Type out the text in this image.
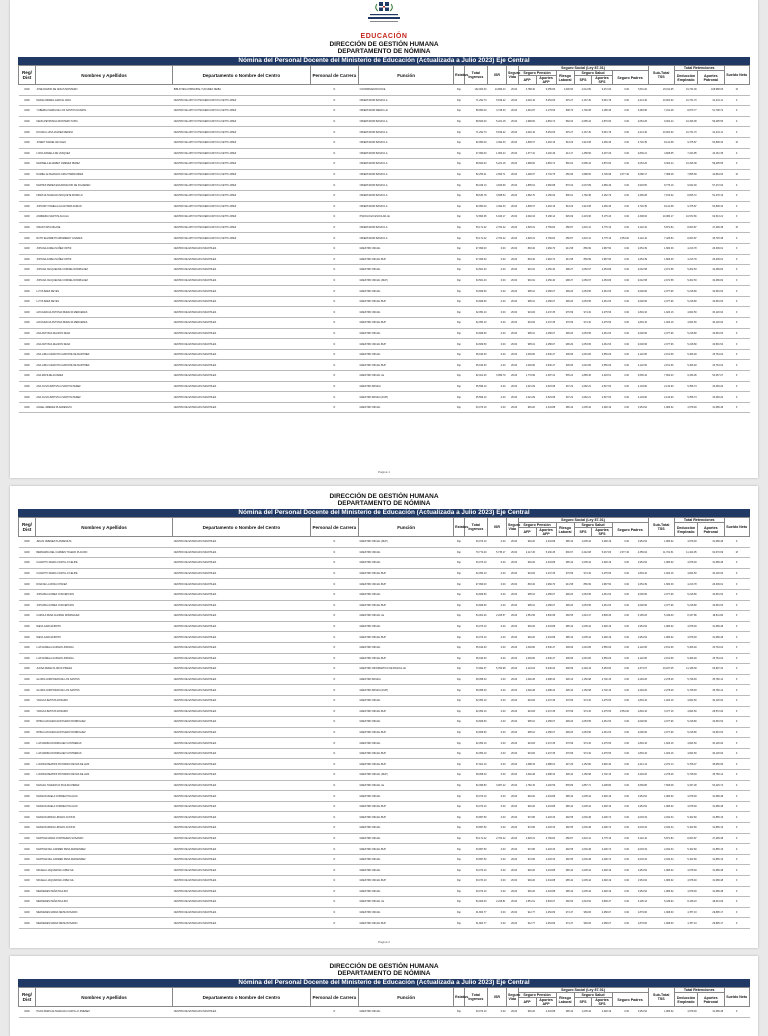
EDUCACIÓN
DIRECCIÓN DE GESTIÓN HUMANA
DEPARTAMENTO DE NÓMINA
Nómina del Personal Docente del Ministerio de Educación (Actualizada a Julio 2023) Eje Central
Reg/ Dist	Nombres y Apellidos	Departamento o Nombre del Centro	Personal de Carrera	Función	Estatus	Total Ingresos	ISR	Seguro Vida	Seguro Social (Ley 87-01)							Sub-Total TSS	Total Retenciones		Sueldo Neto
									Seguro Pensión		Riesgo Laboral	Seguro Salud		Seguro Padres			Deducción Empleado	Aportes Patronal	
									AFP	Aportes AFP		SFS	Aportes SFS						
0200	JOSE RAMON DE JESUS MONTERO	BIBLIOTECA PRINCIPAL TUCUMEX NEIBA	N	COORDINADOR DOCE	Fijo	132,000.00	14,896.23	29.00	3,788.40	9,355.89	1,006.50	4,012.80	9,372.00	0.00	7,801.20	23,011.95	19,734.39	108,988.05	M
0200	MARIA ANDREA GARCIA JANO	CENTRO DE APOYO PSICOEDUCATIVO LIVETH LOPEZ	N	ORIENTADOR BASICO-A	Fijo	71,292.73	5,819.22	29.00	2,046.10	5,054.65	615.27	2,167.30	5,061.78	0.00	4,213.40	10,061.62	10,731.70	61,231.11	F
0200	YUBERKA MARIA DE LOS SANTOS DUARTE	CENTRO DE APOYO PSICOEDUCATIVO LIVETH LOPEZ	N	ORIENTADOR MEDIO-I-E	Fijo	58,950.00	3,728.33	29.00	1,691.87	4,179.56	508.76	1,792.08	4,185.45	0.00	3,483.95	7,241.28	8,873.77	51,708.72	F
0200	KENIA PETRONILA MONTERO TAPIA	CENTRO DE APOYO PSICOEDUCATIVO LIVETH LOPEZ	N	ORIENTADOR BASICO-A	Fijo	68,600.00	5,221.18	29.00	1,968.82	4,863.74	592.04	2,085.44	4,870.60	0.00	4,054.26	9,304.44	10,326.38	59,295.56	F
0200	DAYANA LUISA VALDEZ MEDINA	CENTRO DE APOYO PSICOEDUCATIVO LIVETH LOPEZ	N	ORIENTADOR BASICO-A	Fijo	71,292.73	5,819.22	29.00	2,046.10	5,054.65	615.27	2,167.30	5,061.78	0.00	4,213.40	10,061.62	10,731.70	61,231.11	F
0200	JOSEFT DANIEL DE OLEO	CENTRO DE APOYO PSICOEDUCATIVO LIVETH LOPEZ	N	ORIENTADOR BASICO-A	Fijo	62,950.00	4,392.33	29.00	1,806.67	4,463.16	543.26	1,913.68	4,469.45	0.00	3,720.35	8,141.68	9,475.87	54,808.32	M
0200	LOISA DANIELA DE VASQUEZ	CENTRO DE APOYO PSICOEDUCATIVO LIVETH LOPEZ	N	ORIENTADOR BASICO-A	Fijo	47,990.00	1,963.44	29.00	1,377.31	3,402.49	414.17	1,458.90	3,407.29	0.00	2,836.21	4,828.65	7,223.95	43,161.35	F
0200	MARISELA ELIZABET JIMENEZ PEREZ	CENTRO DE APOYO PSICOEDUCATIVO LIVETH LOPEZ	N	ORIENTADOR BASICO-A	Fijo	68,600.00	5,221.18	29.00	1,968.82	4,863.74	592.04	2,085.44	4,870.60	0.00	4,054.26	9,304.44	10,326.38	59,295.56	F
0200	DAMIEL ALTAGRACIA CRUZ HERNANDEZ	CENTRO DE APOYO PSICOEDUCATIVO LIVETH LOPEZ	N	ORIENTADOR BASICO-A	Fijo	52,253.21	2,693.71	29.00	1,499.67	3,704.75	450.96	1,588.50	3,709.98	1,577.40	3,088.17	7,388.28	7,865.69	44,864.93	M
0200	MARTES PEREZ ENCARNACION DE FIGUEREO	CENTRO DE APOYO PSICOEDUCATIVO LIVETH LOPEZ	N	ORIENTADOR BASICO-A	Fijo	66,049.13	4,843.69	29.00	1,895.61	4,682.88	570.02	2,007.89	4,689.49	0.00	3,903.50	8,776.19	9,942.39	57,272.94	F
0200	FIDES ALTAGRACIA MOQUETE MORILLO	CENTRO DE APOYO PSICOEDUCATIVO LIVETH LOPEZ	N	ORIENTADOR BASICO-A	Fijo	58,630.78	3,658.54	29.00	1,682.70	4,156.92	506.01	1,782.38	4,162.79	0.00	3,465.08	7,152.62	8,825.72	51,478.16	F
0200	JOHANNY PAMELA ALCANTARA DURAN	CENTRO DE APOYO PSICOEDUCATIVO LIVETH LOPEZ	N	ORIENTADOR BASICO-A	Fijo	62,950.00	4,392.33	29.00	1,806.67	4,463.16	543.26	1,913.68	4,469.45	0.00	3,720.35	8,141.68	9,475.87	54,808.32	F
0200	ANDREINA SANTOS ALCALA	CENTRO DE APOYO PSICOEDUCATIVO LIVETH LOPEZ	N	PSICOLOGO ESCOLAR-I-E	Fijo	72,893.38	6,043.17	29.00	2,092.04	5,168.14	629.09	2,215.96	5,175.43	0.00	4,308.00	10,380.17	10,972.66	62,513.21	F
0200	OMAR TAPIA MILANE	CENTRO DE APOYO PSICOEDUCATIVO LIVETH LOPEZ	N	ORIENTADOR BASICO-A	Fijo	53,171.22	2,700.42	29.00	1,526.01	3,769.84	458.87	1,616.41	3,775.16	0.00	3,142.42	5,871.84	8,003.87	47,299.38	M
0200	RUTH ELIZABETH ARISMENDY LINARES	CENTRO DE APOYO PSICOEDUCATIVO LIVETH LOPEZ	N	ORIENTADOR BASICO-A	Fijo	53,171.22	2,700.42	29.00	1,526.01	3,769.84	458.87	1,616.41	3,775.16	1,554.00	3,142.42	7,425.84	8,003.87	45,745.38	F
0200	JOHANA AUREA NUÑEZ ORTIZ	CENTRO DE ESTANCIAS INFANTILES	N	MAESTRO INICIAL	Fijo	27,993.00	0.00	29.00	803.40	1,984.70	241.58	850.99	1,987.50	0.00	1,654.39	1,683.39	4,213.78	26,309.61	F
0200	JOHANA AUREA NUÑEZ ORTIZ	CENTRO DE ESTANCIAS INFANTILES	N	MAESTRO INICIAL BUP	Fijo	27,993.00	0.00	29.00	803.40	1,984.70	241.58	850.99	1,987.50	0.00	1,654.39	1,683.39	4,213.78	26,309.61	F
0200	JOHANA JACQUELINE CORNIEL RODRIGUEZ	CENTRO DE ESTANCIAS INFANTILES	N	MAESTRO INICIAL	Fijo	34,561.40	0.00	29.00	991.91	2,450.40	298.27	1,050.67	2,453.86	0.00	2,042.58	2,071.58	5,202.53	32,489.82	F
0200	JOHANA JACQUELINE CORNIEL RODRIGUEZ	CENTRO DE ESTANCIAS INFANTILES	N	MAESTRO INICIAL (DUP)	Fijo	34,561.40	0.00	29.00	991.91	2,450.40	298.27	1,050.67	2,453.86	0.00	2,042.58	2,071.58	5,202.53	32,489.82	F
0200	LUYIS BAEZ REYES	CENTRO DE ESTANCIAS INFANTILES	N	MAESTRO INICIAL	Fijo	34,669.50	0.00	29.00	995.01	2,458.07	299.20	1,053.95	2,461.53	0.00	2,048.96	2,077.96	5,218.80	32,591.54	F
0200	LUYIS BAEZ REYES	CENTRO DE ESTANCIAS INFANTILES	N	MAESTRO INICIAL BUP	Fijo	34,669.50	0.00	29.00	995.01	2,458.07	299.20	1,053.95	2,461.53	0.00	2,048.96	2,077.96	5,218.80	32,591.54	F
0200	ALTAGRACIA ANTONIA PERALTA MERCEDES	CENTRO DE ESTANCIAS INFANTILES	N	MAESTRO INICIAL	Fijo	32,050.10	0.00	29.00	919.84	2,272.35	276.59	974.32	2,275.56	0.00	1,894.16	1,923.16	4,824.50	30,126.94	F
0200	ALTAGRACIA ANTONIA PERALTA MERCEDES	CENTRO DE ESTANCIAS INFANTILES	N	MAESTRO INICIAL BUP	Fijo	32,050.10	0.00	29.00	919.84	2,272.35	276.59	974.32	2,275.56	0.00	1,894.16	1,923.16	4,824.50	30,126.94	F
0200	ANA ANTONIA FELIZON SENA	CENTRO DE ESTANCIAS INFANTILES	N	MAESTRO INICIAL	Fijo	34,669.50	0.00	29.00	995.01	2,458.07	299.20	1,053.95	2,461.53	0.00	2,048.96	2,077.96	5,218.80	32,591.54	F
0200	ANA ANTONIA FELIZON SENA	CENTRO DE ESTANCIAS INFANTILES	N	MAESTRO INICIAL BUP	Fijo	34,669.50	0.00	29.00	995.01	2,458.07	299.20	1,053.95	2,461.53	0.00	2,048.96	2,077.96	5,218.80	32,591.54	F
0200	ANA LIDIA CAMACHO ALMONTE DE MARTINEZ	CENTRO DE ESTANCIAS INFANTILES	N	MAESTRO INICIAL	Fijo	35,916.30	0.00	29.00	1,030.80	2,546.47	309.96	1,091.86	2,550.06	0.00	2,122.66	2,151.66	5,406.49	33,764.64	F
0200	ANA LIDIA CAMACHO ALMONTE DE MARTINEZ	CENTRO DE ESTANCIAS INFANTILES	N	MAESTRO INICIAL BUP	Fijo	35,916.30	0.00	29.00	1,030.80	2,546.47	309.96	1,091.86	2,550.06	0.00	2,122.66	2,151.66	5,406.49	33,764.64	F
0200	ANA MATILDE ALVAREZ	CENTRO DE ESTANCIAS INFANTILES	N	MAESTRO INICIAL I-E	Fijo	62,021.30	3,959.79	29.00	1,779.99	4,397.31	535.24	1,885.45	4,403.51	0.00	3,665.44	7,654.23	9,336.06	54,367.07	F
0200	ANA OLIVIA BATISTA A SANTOS PEREZ	CENTRO DE ESTANCIAS INFANTILES	N	MAESTRO BASICA	Fijo	35,599.10	0.00	29.00	1,021.69	2,523.98	307.22	1,082.21	2,527.54	0.00	2,103.90	2,132.90	5,358.74	33,466.20	F
0200	ANA OLIVIA BATISTA A SANTOS PEREZ	CENTRO DE ESTANCIAS INFANTILES	N	MAESTRO BASICA (DUP)	Fijo	35,599.10	0.00	29.00	1,021.69	2,523.98	307.22	1,082.21	2,527.54	0.00	2,103.90	2,132.90	5,358.74	33,466.20	F
0200	ANGEL JIMENEZ PLANDESILTA	CENTRO DE ESTANCIAS INFANTILES	N	MAESTRO INICIAL	Fijo	33,073.10	0.00	29.00	949.20	2,344.88	285.42	1,005.42	2,348.19	0.00	1,954.62	1,983.62	4,978.49	31,089.48	F
Página 1
DIRECCIÓN DE GESTIÓN HUMANA
DEPARTAMENTO DE NÓMINA
Nómina del Personal Docente del Ministerio de Educación (Actualizada a Julio 2023) Eje Central
Reg/ Dist	Nombres y Apellidos	Departamento o Nombre del Centro	Personal de Carrera	Función	Estatus	Total Ingresos	ISR	Seguro Vida	Seguro Social (Ley 87-01)							Sub-Total TSS	Total Retenciones		Sueldo Neto
									Seguro Pensión		Riesgo Laboral	Seguro Salud		Seguro Padres			Deducción Empleado	Aportes Patronal	
									AFP	Aportes AFP		SFS	Aportes SFS						
0200	JESUS JIMENEZ PLANDESILTA	CENTRO DE ESTANCIAS INFANTILES	N	MAESTRO INICIAL (DUP)	Fijo	33,073.10	0.00	29.00	949.20	2,344.88	285.42	1,005.42	2,348.19	0.00	1,954.62	1,983.62	4,978.49	31,089.48	F
0200	BERNARDA DEL CARMEN TOLEDO PLACIDO	CENTRO DE ESTANCIAS INFANTILES	N	MAESTRO INICIAL	Fijo	73,772.20	5,735.17	29.00	2,117.26	5,230.45	636.67	2,242.68	5,237.83	1,577.40	4,359.94	11,701.51	11,104.95	62,070.69	M
0200	CANAYITO MARIA CASTILLO FELIPE	CENTRO DE ESTANCIAS INFANTILES	N	MAESTRO INICIAL	Fijo	33,073.10	0.00	29.00	949.20	2,344.88	285.42	1,005.42	2,348.19	0.00	1,954.62	1,983.62	4,978.49	31,089.48	F
0200	CANAYITO MARIA CASTILLO FELIPE	CENTRO DE ESTANCIAS INFANTILES	N	MAESTRO INICIAL BUP	Fijo	32,050.10	0.00	29.00	919.84	2,272.35	276.59	974.32	2,275.56	0.00	1,894.16	1,923.16	4,824.50	30,126.94	F
0200	DINA DE LA ROSA CHAVEZ	CENTRO DE ESTANCIAS INFANTILES	N	MAESTRO INICIAL BUP	Fijo	27,993.00	0.00	29.00	803.40	1,984.70	241.58	850.99	1,987.50	0.00	1,654.39	1,683.39	4,213.78	26,309.61	F
0200	JOHANNA GOMEZ CONCEPCION	CENTRO DE ESTANCIAS INFANTILES	N	MAESTRO INICIAL	Fijo	34,669.50	0.00	29.00	995.01	2,458.07	299.20	1,053.95	2,461.53	0.00	2,048.96	2,077.96	5,218.80	32,591.54	F
0200	JOHANNA GOMEZ CONCEPCION	CENTRO DE ESTANCIAS INFANTILES	N	MAESTRO INICIAL BUP	Fijo	34,669.50	0.00	29.00	995.01	2,458.07	299.20	1,053.95	2,461.53	0.00	2,048.96	2,077.96	5,218.80	32,591.54	F
0200	CAROLA PENA GUZMAN DOMINGUEZ	CENTRO DE ESTANCIAS INFANTILES	N	MAESTRO INICIAL I-E	Fijo	54,061.40	2,225.57	29.00	1,551.56	3,832.95	466.55	1,643.47	3,838.36	0.00	3,195.03	5,449.60	8,137.86	48,611.80	F
0200	NIEVA GARCIA BRITO	CENTRO DE ESTANCIAS INFANTILES	N	MAESTRO INICIAL	Fijo	33,073.10	0.00	29.00	949.20	2,344.88	285.42	1,005.42	2,348.19	0.00	1,954.62	1,983.62	4,978.49	31,089.48	F
0200	NIEVA GARCIA BRITO	CENTRO DE ESTANCIAS INFANTILES	N	MAESTRO INICIAL BUP	Fijo	33,073.10	0.00	29.00	949.20	2,344.88	285.42	1,005.42	2,348.19	0.00	1,954.62	1,983.62	4,978.49	31,089.48	F
0200	LUZ DANIELA GUZMAN JORIANA	CENTRO DE ESTANCIAS INFANTILES	N	MAESTRO INICIAL	Fijo	35,916.30	0.00	29.00	1,030.80	2,546.47	309.96	1,091.86	2,550.06	0.00	2,122.66	2,151.66	5,406.49	33,764.64	F
0200	LUZ DANIELA GUZMAN JORIANA	CENTRO DE ESTANCIAS INFANTILES	N	MAESTRO INICIAL BUP	Fijo	35,916.30	0.00	29.00	1,030.80	2,546.47	309.96	1,091.86	2,550.06	0.00	2,122.66	2,151.66	5,406.49	33,764.64	F
0200	JUANA PERALTA CRUZ PINEDA	CENTRO DE ESTANCIAS INFANTILES	N	MAESTRO INFORMATICO DE BASICA-I-E	Fijo	73,994.37	5,784.98	29.00	2,123.64	5,246.20	638.59	2,249.43	5,253.60	0.00	4,373.07	10,187.05	11,138.39	63,807.32	F
0200	GLORIA CORPORAN DE LOS SANTOS	CENTRO DE ESTANCIAS INFANTILES	N	MAESTRO BASICA	Fijo	38,058.40	0.00	29.00	1,092.28	2,698.34	328.44	1,156.98	2,702.15	0.00	2,249.26	2,278.26	5,728.93	35,780.14	F
0200	GLORIA CORPORAN DE LOS SANTOS	CENTRO DE ESTANCIAS INFANTILES	N	MAESTRO BASICA (DUP)	Fijo	38,058.40	0.00	29.00	1,092.28	2,698.34	328.44	1,156.98	2,702.15	0.00	2,249.26	2,278.26	5,728.93	35,780.14	F
0200	YANILKA BATISTA ROSARIO	CENTRO DE ESTANCIAS INFANTILES	N	MAESTRO INICIAL	Fijo	32,050.10	0.00	29.00	919.84	2,272.35	276.59	974.32	2,275.56	0.00	1,894.16	1,923.16	4,824.50	30,126.94	F
0200	YANILKA BATISTA ROSARIO	CENTRO DE ESTANCIAS INFANTILES	N	MAESTRO INICIAL BUP	Fijo	32,050.10	0.00	29.00	919.84	2,272.35	276.59	974.32	2,275.56	1,554.00	1,894.16	3,477.16	4,824.50	28,572.94	F
0200	RHINA ALTAGRACIA ROSARIO RODRIGUEZ	CENTRO DE ESTANCIAS INFANTILES	N	MAESTRO INICIAL	Fijo	34,669.50	0.00	29.00	995.01	2,458.07	299.20	1,053.95	2,461.53	0.00	2,048.96	2,077.96	5,218.80	32,591.54	F
0200	RHINA ALTAGRACIA ROSARIO RODRIGUEZ	CENTRO DE ESTANCIAS INFANTILES	N	MAESTRO INICIAL BUP	Fijo	34,669.50	0.00	29.00	995.01	2,458.07	299.20	1,053.95	2,461.53	0.00	2,048.96	2,077.96	5,218.80	32,591.54	F
0200	LUZ MARINA RODRIGUEZ CONTRERAS	CENTRO DE ESTANCIAS INFANTILES	N	MAESTRO INICIAL	Fijo	32,050.10	0.00	29.00	919.84	2,272.35	276.59	974.32	2,275.56	0.00	1,894.16	1,923.16	4,824.50	30,126.94	F
0200	LUZ MARINA RODRIGUEZ CONTRERAS	CENTRO DE ESTANCIAS INFANTILES	N	MAESTRO INICIAL BUP	Fijo	32,050.10	0.00	29.00	919.84	2,272.35	276.59	974.32	2,275.56	0.00	1,894.16	1,923.16	4,824.50	30,126.94	F
0200	LUCRINA BEATRIZ PICHARDO REYES DE LEIS	CENTRO DE ESTANCIAS INFANTILES	N	MAESTRO INICIAL BUP	Fijo	37,921.10	0.00	29.00	1,088.34	2,688.61	327.26	1,152.80	2,692.40	0.00	2,241.14	2,270.14	5,708.27	35,650.96	F
0200	LUCRINA BEATRIZ PICHARDO REYES DE LEIS	CENTRO DE ESTANCIAS INFANTILES	N	MAESTRO INICIAL (DUP)	Fijo	38,058.40	0.00	29.00	1,092.28	2,698.34	328.44	1,156.98	2,702.15	0.00	2,249.26	2,278.26	5,728.93	35,780.14	F
0200	MANUAL TAVERAS R PAULINA PEREZ	CENTRO DE ESTANCIAS INFANTILES	N	MAESTRO INICIAL I-E	Fijo	62,095.80	3,967.22	29.00	1,782.15	4,402.59	535.89	1,887.71	4,408.80	0.00	3,669.86	7,666.08	9,347.28	54,429.72	F
0200	MARIA RAFAELA CORREA HOLGUIN	CENTRO DE ESTANCIAS INFANTILES	N	MAESTRO INICIAL	Fijo	33,073.10	0.00	29.00	949.20	2,344.88	285.42	1,005.42	2,348.19	0.00	1,954.62	1,983.62	4,978.49	31,089.48	F
0200	MARIA RAFAELA CORREA HOLGUIN	CENTRO DE ESTANCIAS INFANTILES	N	MAESTRO INICIAL BUP	Fijo	33,073.10	0.00	29.00	949.20	2,344.88	285.42	1,005.42	2,348.19	0.00	1,954.62	1,983.62	4,978.49	31,089.48	F
0200	MARIA RAMONA LIRIANO ACOSTA	CENTRO DE ESTANCIAS INFANTILES	N	MAESTRO INICIAL BUP	Fijo	33,897.50	0.00	29.00	972.86	2,403.33	292.55	1,030.48	2,406.72	0.00	2,003.34	2,032.34	5,102.60	31,865.16	F
0200	MARIA RAMONA LIRIANO ACOSTA	CENTRO DE ESTANCIAS INFANTILES	N	MAESTRO INICIAL	Fijo	33,897.50	0.00	29.00	972.86	2,403.33	292.55	1,030.48	2,406.72	0.00	2,003.34	2,032.34	5,102.60	31,865.16	F
0200	MARTINA MARIA CONTRERAS SOSANDO	CENTRO DE ESTANCIAS INFANTILES	N	MAESTRO INICIAL	Fijo	53,171.22	2,700.42	29.00	1,526.01	3,769.84	458.87	1,616.41	3,775.16	0.00	3,142.42	5,871.84	8,003.87	47,299.38	F
0200	MARTINA DEL CARMEN PENA FERNANDEZ	CENTRO DE ESTANCIAS INFANTILES	N	MAESTRO INICIAL BUP	Fijo	33,897.50	0.00	29.00	972.86	2,403.33	292.55	1,030.48	2,406.72	0.00	2,003.34	2,032.34	5,102.60	31,865.16	F
0200	MARTINA DEL CARMEN PENA FERNANDEZ	CENTRO DE ESTANCIAS INFANTILES	N	MAESTRO INICIAL	Fijo	33,897.50	0.00	29.00	972.86	2,403.33	292.55	1,030.48	2,406.72	0.00	2,003.34	2,032.34	5,102.60	31,865.16	F
0200	MICAELA JAQUARINA LOPEZ GIL	CENTRO DE ESTANCIAS INFANTILES	N	MAESTRO INICIAL	Fijo	33,073.10	0.00	29.00	949.20	2,344.88	285.42	1,005.42	2,348.19	0.00	1,954.62	1,983.62	4,978.49	31,089.48	F
0200	MICAELA JAQUARINA LOPEZ GIL	CENTRO DE ESTANCIAS INFANTILES	N	MAESTRO INICIAL BUP	Fijo	33,073.10	0.00	29.00	949.20	2,344.88	285.42	1,005.42	2,348.19	0.00	1,954.62	1,983.62	4,978.49	31,089.48	F
0200	MERCEDES PEÑA PAULINO	CENTRO DE ESTANCIAS INFANTILES	N	MAESTRO INICIAL	Fijo	33,073.10	0.00	29.00	949.20	2,344.88	285.42	1,005.42	2,348.19	0.00	1,954.62	1,983.62	4,978.49	31,089.48	F
0200	MERCEDES PEÑA PAULINO	CENTRO DE ESTANCIAS INFANTILES	N	MAESTRO INICIAL I-E	Fijo	54,063.00	2,225.81	29.00	1,551.61	3,833.07	466.56	1,643.52	3,838.47	0.00	3,195.13	5,449.94	8,138.10	48,613.06	F
0200	MERCEDES MARIA NIETE ROSARIO	CENTRO DE ESTANCIAS INFANTILES	N	MAESTRO INICIAL	Fijo	31,803.77	0.00	29.00	912.77	2,254.89	274.47	966.83	2,258.07	0.00	1,879.60	1,908.60	4,787.43	29,895.17	F
0200	MERCEDES MARIA NIETE ROSARIO	CENTRO DE ESTANCIAS INFANTILES	N	MAESTRO INICIAL BUP	Fijo	31,803.77	0.00	29.00	912.77	2,254.89	274.47	966.83	2,258.07	0.00	1,879.60	1,908.60	4,787.43	29,895.17	F
Página 2
DIRECCIÓN DE GESTIÓN HUMANA
DEPARTAMENTO DE NÓMINA
Nómina del Personal Docente del Ministerio de Educación (Actualizada a Julio 2023) Eje Central
Reg/ Dist	Nombres y Apellidos	Departamento o Nombre del Centro	Personal de Carrera	Función	Estatus	Total Ingresos	ISR	Seguro Vida	Seguro Social (Ley 87-01)							Sub-Total TSS	Total Retenciones		Sueldo Neto
									Seguro Pensión		Riesgo Laboral	Seguro Salud		Seguro Padres			Deducción Empleado	Aportes Patronal	
									AFP	Aportes AFP		SFS	Aportes SFS						
0200	HILDA MARIA ALTAGRACIA CASTILLO JIMENEZ	CENTRO DE ESTANCIAS INFANTILES	N	MAESTRO INICIAL	Fijo	33,073.10	0.00	29.00	949.20	2,344.88	285.42	1,005.42	2,348.19	0.00	1,954.62	1,983.62	4,978.49	31,089.48	F
